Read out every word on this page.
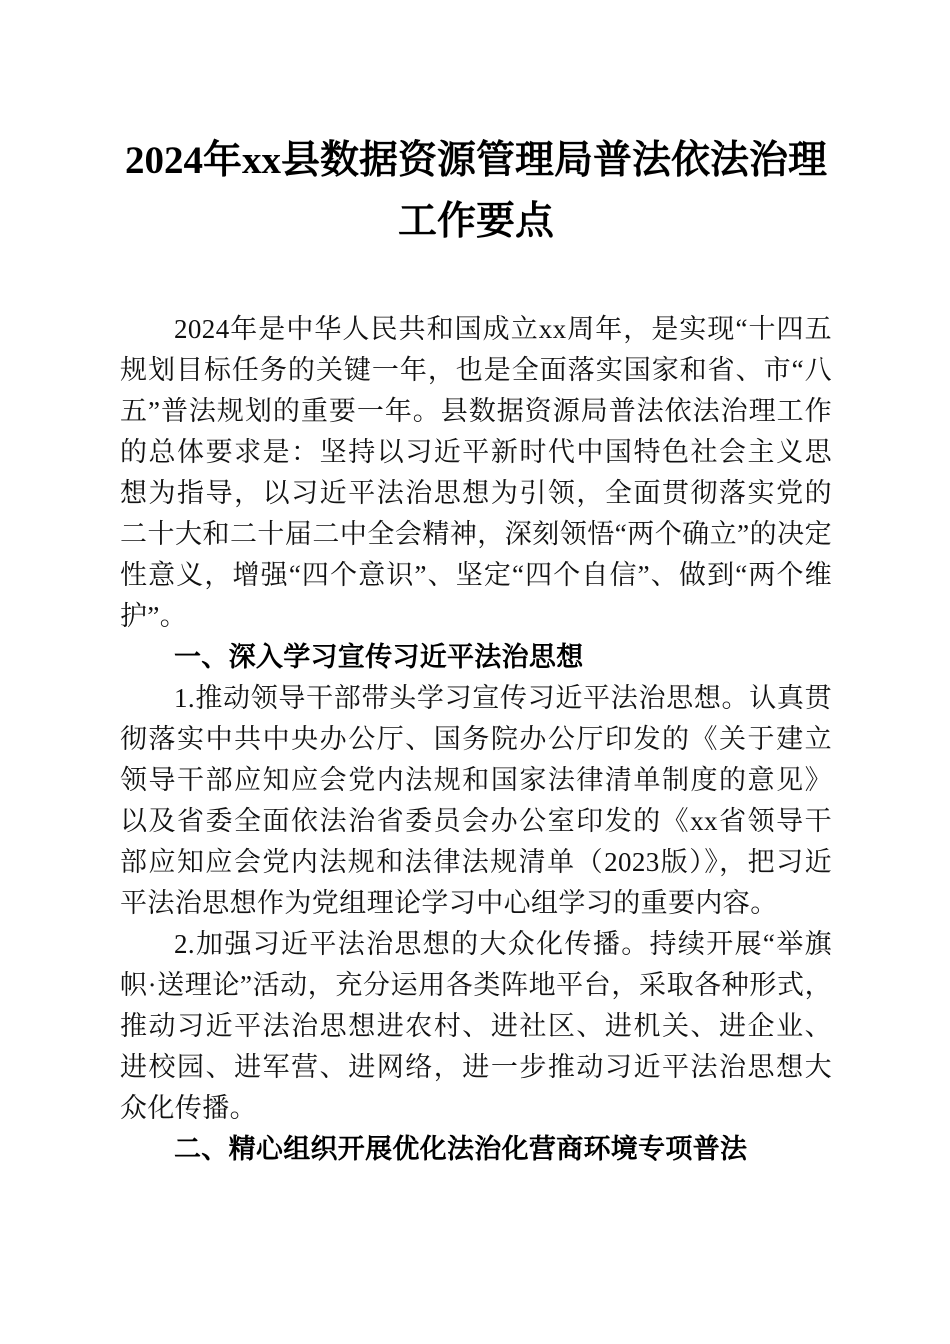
2024年xx县数据资源管理局普法依法治理工作要点

2024年是中华人民共和国成立xx周年，是实现“十四五规划目标任务的关键一年，也是全面落实国家和省、市“八五”普法规划的重要一年。县数据资源局普法依法治理工作的总体要求是：坚持以习近平新时代中国特色社会主义思想为指导，以习近平法治思想为引领，全面贯彻落实党的二十大和二十届二中全会精神，深刻领悟“两个确立”的决定性意义，增强“四个意识”、坚定“四个自信”、做到“两个维护”。

一、深入学习宣传习近平法治思想

1.推动领导干部带头学习宣传习近平法治思想。认真贯彻落实中共中央办公厅、国务院办公厅印发的《关于建立领导干部应知应会党内法规和国家法律清单制度的意见》以及省委全面依法治省委员会办公室印发的《xx省领导干部应知应会党内法规和法律法规清单（2023版）》，把习近平法治思想作为党组理论学习中心组学习的重要内容。

2.加强习近平法治思想的大众化传播。持续开展“举旗帜·送理论”活动，充分运用各类阵地平台，采取各种形式，推动习近平法治思想进农村、进社区、进机关、进企业、进校园、进军营、进网络，进一步推动习近平法治思想大众化传播。

二、精心组织开展优化法治化营商环境专项普法
